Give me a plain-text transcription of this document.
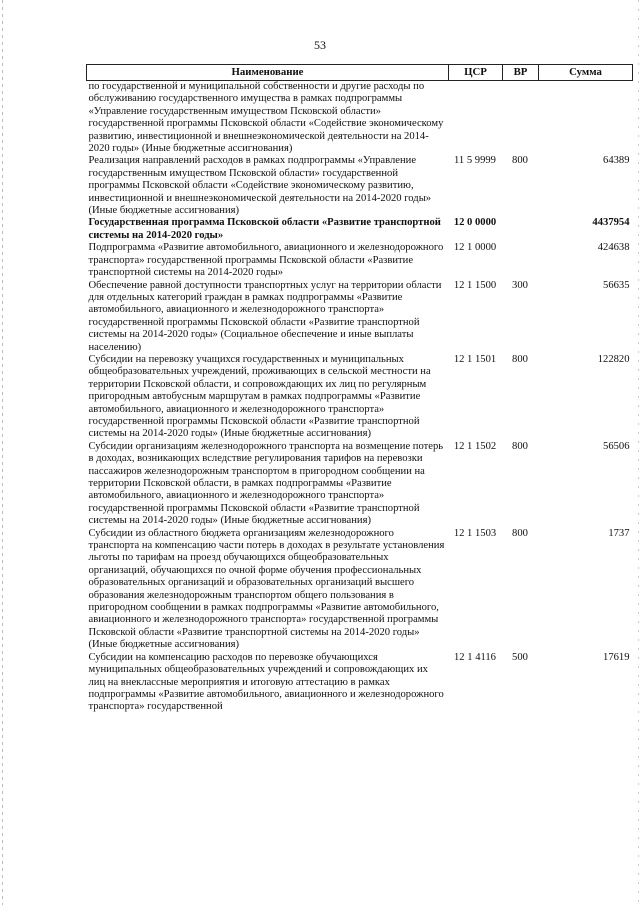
53
Наименование	ЦСР	ВР	Сумма
по государственной и муниципальной собственности и другие расходы по обслуживанию государственного имущества в рамках подпрограммы «Управление государственным имуществом Псковской области» государственной программы Псковской области «Содействие экономическому развитию, инвестиционной и внешнеэкономической деятельности на 2014-2020 годы» (Иные бюджетные ассигнования)			
Реализация направлений расходов в рамках подпрограммы «Управление государственным имуществом Псковской области» государственной программы Псковской области «Содействие экономическому развитию, инвестиционной и внешнеэкономической деятельности на 2014-2020 годы» (Иные бюджетные ассигнования)	11 5 9999	800	64389
Государственная программа Псковской области «Развитие транспортной системы на 2014-2020 годы»	12 0 0000		4437954
Подпрограмма «Развитие автомобильного, авиационного и железнодорожного транспорта» государственной программы Псковской области «Развитие транспортной системы на 2014-2020 годы»	12 1 0000		424638
Обеспечение равной доступности транспортных услуг на территории области для отдельных категорий граждан в рамках подпрограммы «Развитие автомобильного, авиационного и железнодорожного транспорта» государственной программы Псковской области «Развитие транспортной системы на 2014-2020 годы» (Социальное обеспечение и иные выплаты населению)	12 1 1500	300	56635
Субсидии на перевозку учащихся государственных и муниципальных общеобразовательных учреждений, проживающих в сельской местности на территории Псковской области, и сопровождающих их лиц по регулярным пригородным автобусным маршрутам в рамках подпрограммы «Развитие автомобильного, авиационного и железнодорожного транспорта» государственной программы Псковской области «Развитие транспортной системы на 2014-2020 годы» (Иные бюджетные ассигнования)	12 1 1501	800	122820
Субсидии организациям железнодорожного транспорта на возмещение потерь в доходах, возникающих вследствие регулирования тарифов на перевозки пассажиров железнодорожным транспортом в пригородном сообщении на территории Псковской области, в рамках подпрограммы «Развитие автомобильного, авиационного и железнодорожного транспорта» государственной программы Псковской области «Развитие транспортной системы на 2014-2020 годы» (Иные бюджетные ассигнования)	12 1 1502	800	56506
Субсидии из областного бюджета организациям железнодорожного транспорта на компенсацию части потерь в доходах в результате установления льготы по тарифам на проезд обучающихся общеобразовательных организаций, обучающихся по очной форме обучения профессиональных образовательных организаций и образовательных организаций высшего образования железнодорожным транспортом общего пользования в пригородном сообщении в рамках подпрограммы «Развитие автомобильного, авиационного и железнодорожного транспорта» государственной программы Псковской области «Развитие транспортной системы на 2014-2020 годы» (Иные бюджетные ассигнования)	12 1 1503	800	1737
Субсидии на компенсацию расходов по перевозке обучающихся муниципальных общеобразовательных учреждений и сопровождающих их лиц на внеклассные мероприятия и итоговую аттестацию в рамках подпрограммы «Развитие автомобильного, авиационного и железнодорожного транспорта» государственной	12 1 4116	500	17619
